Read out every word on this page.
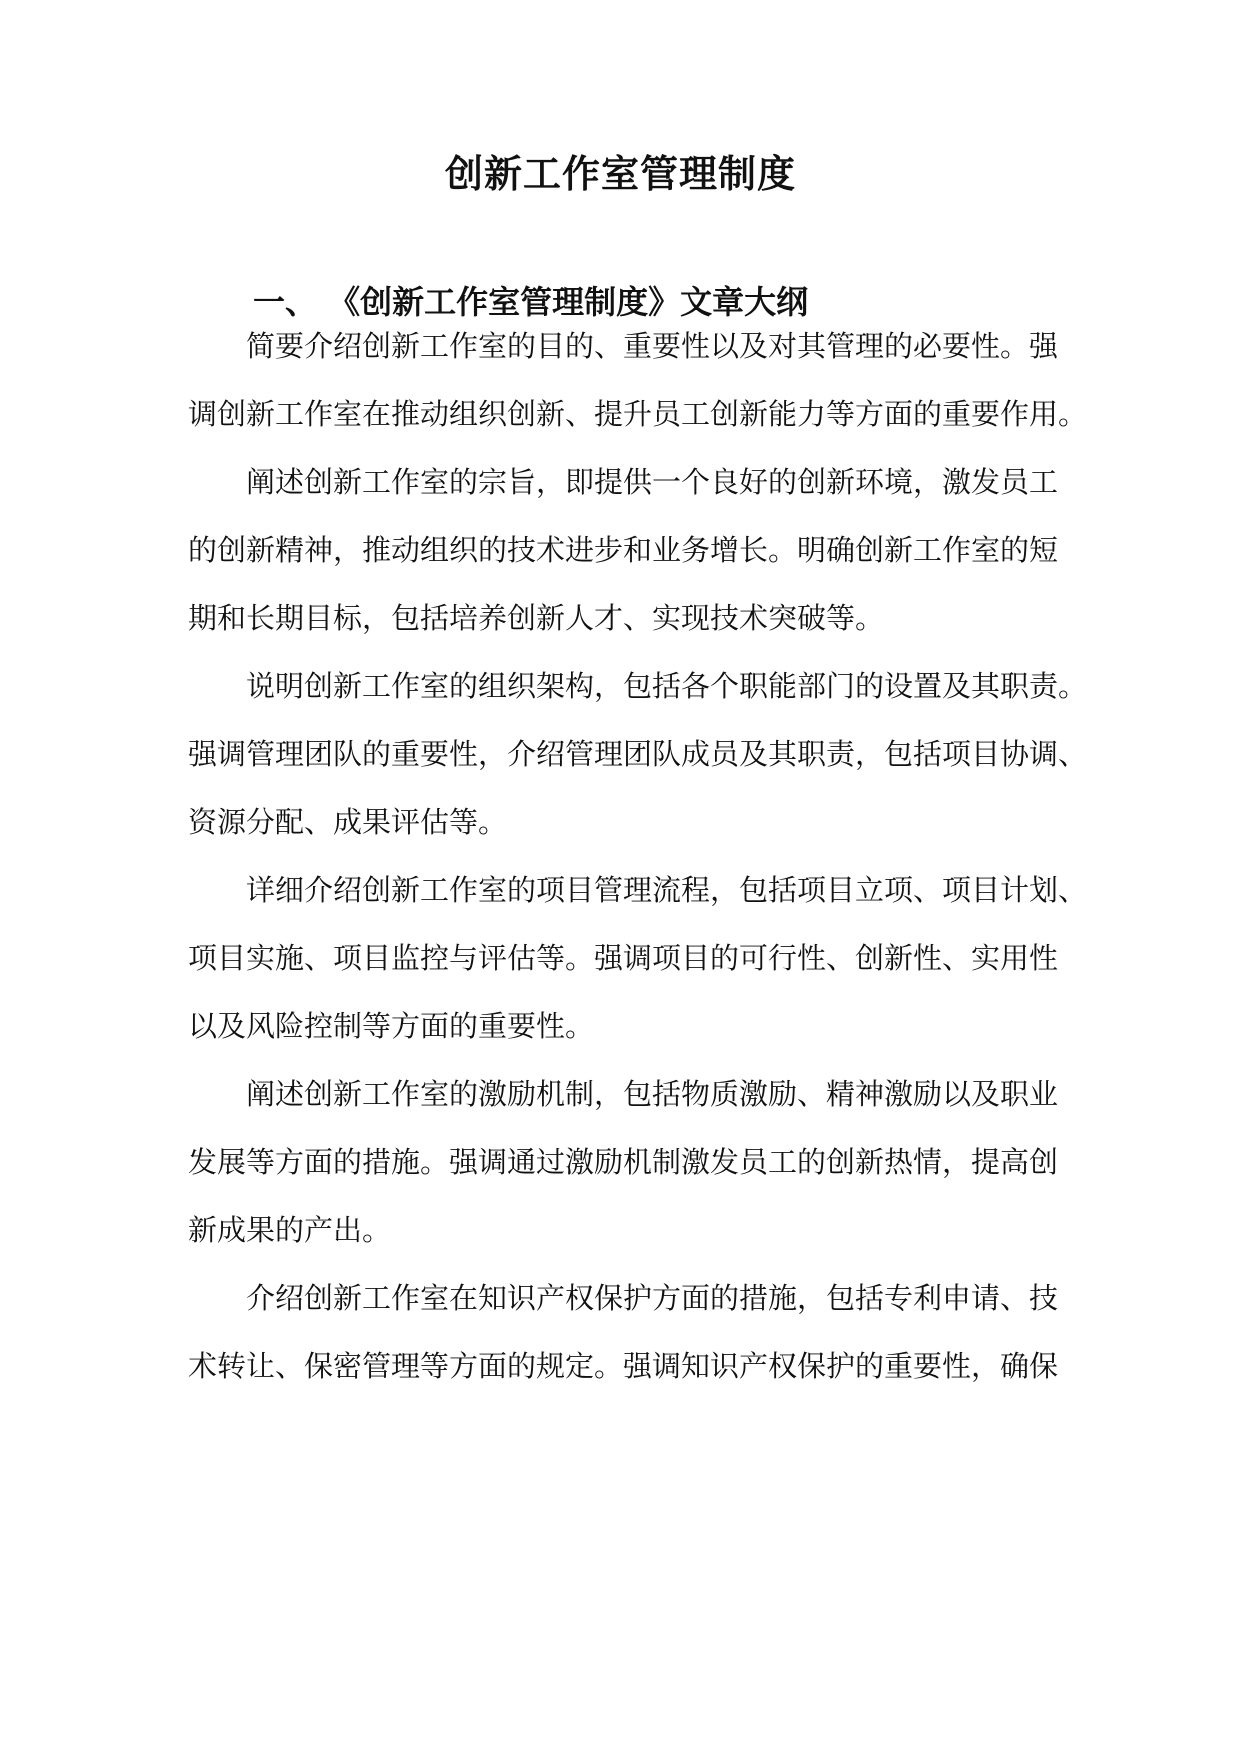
创新工作室管理制度
一、 《创新工作室管理制度》文章大纲

简要介绍创新工作室的目的、重要性以及对其管理的必要性。强

调创新工作室在推动组织创新、提升员工创新能力等方面的重要作用。

阐述创新工作室的宗旨，即提供一个良好的创新环境，激发员工

的创新精神，推动组织的技术进步和业务增长。明确创新工作室的短

期和长期目标，包括培养创新人才、实现技术突破等。

说明创新工作室的组织架构，包括各个职能部门的设置及其职责。

强调管理团队的重要性，介绍管理团队成员及其职责，包括项目协调、

资源分配、成果评估等。

详细介绍创新工作室的项目管理流程，包括项目立项、项目计划、

项目实施、项目监控与评估等。强调项目的可行性、创新性、实用性

以及风险控制等方面的重要性。

阐述创新工作室的激励机制，包括物质激励、精神激励以及职业

发展等方面的措施。强调通过激励机制激发员工的创新热情，提高创

新成果的产出。

介绍创新工作室在知识产权保护方面的措施，包括专利申请、技

术转让、保密管理等方面的规定。强调知识产权保护的重要性，确保
